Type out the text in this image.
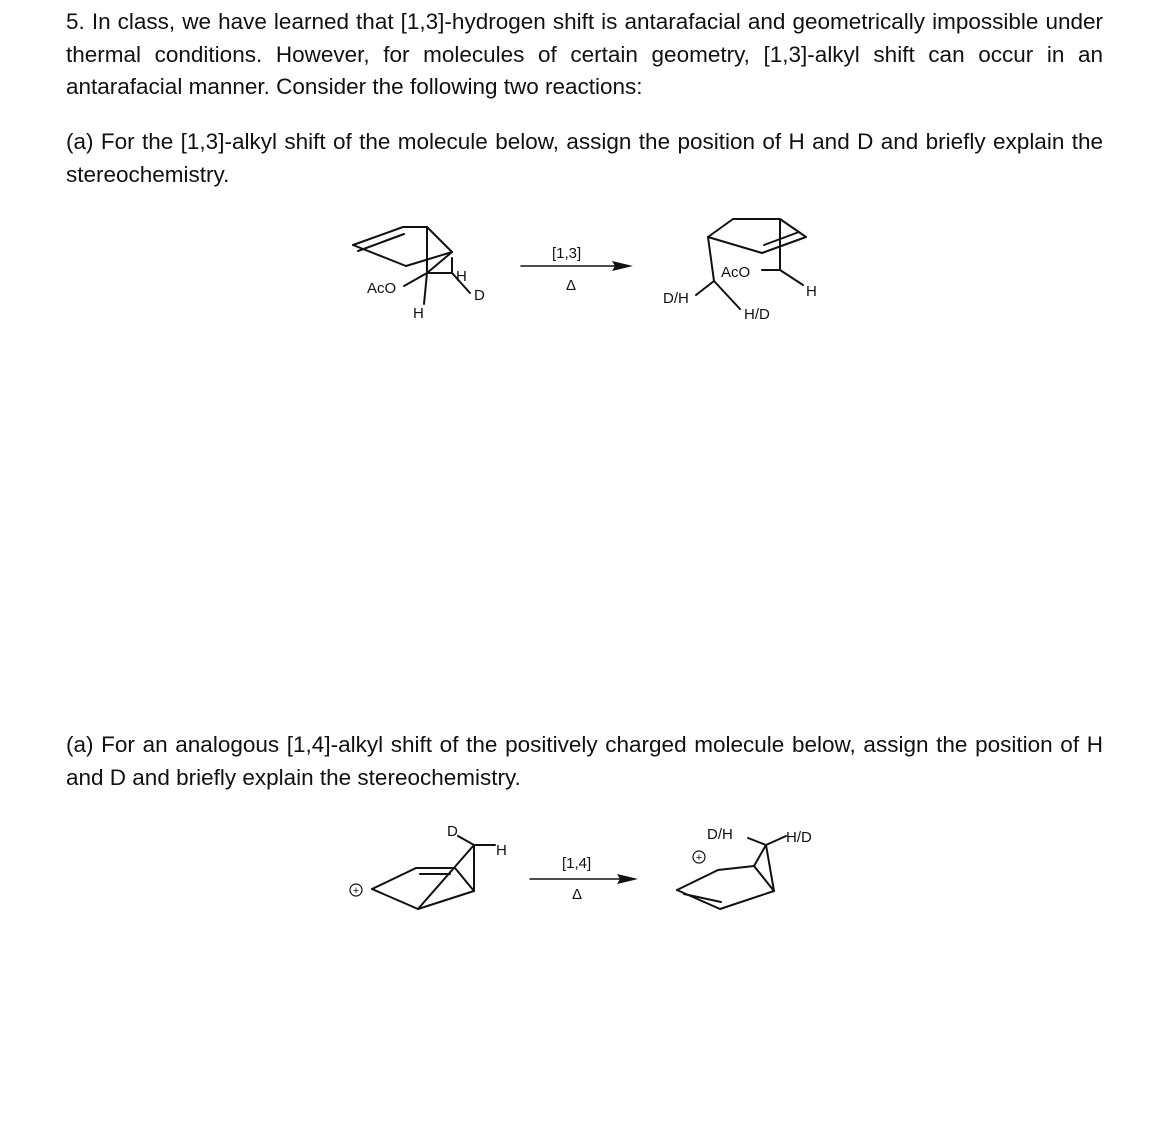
5. In class, we have learned that [1,3]-hydrogen shift is antarafacial and geometrically impossible under thermal conditions. However, for molecules of certain geometry, [1,3]-alkyl shift can occur in an antarafacial manner. Consider the following two reactions:

(a) For the [1,3]-alkyl shift of the molecule below, assign the position of H and D and briefly explain the stereochemistry.

AcO
H
D
H
[1,3]
Δ
AcO
H
D/H
H/D

(a) For an analogous [1,4]-alkyl shift of the positively charged molecule below, assign the position of H and D and briefly explain the stereochemistry.

+
D
H
[1,4]
Δ
+
D/H	H/D
